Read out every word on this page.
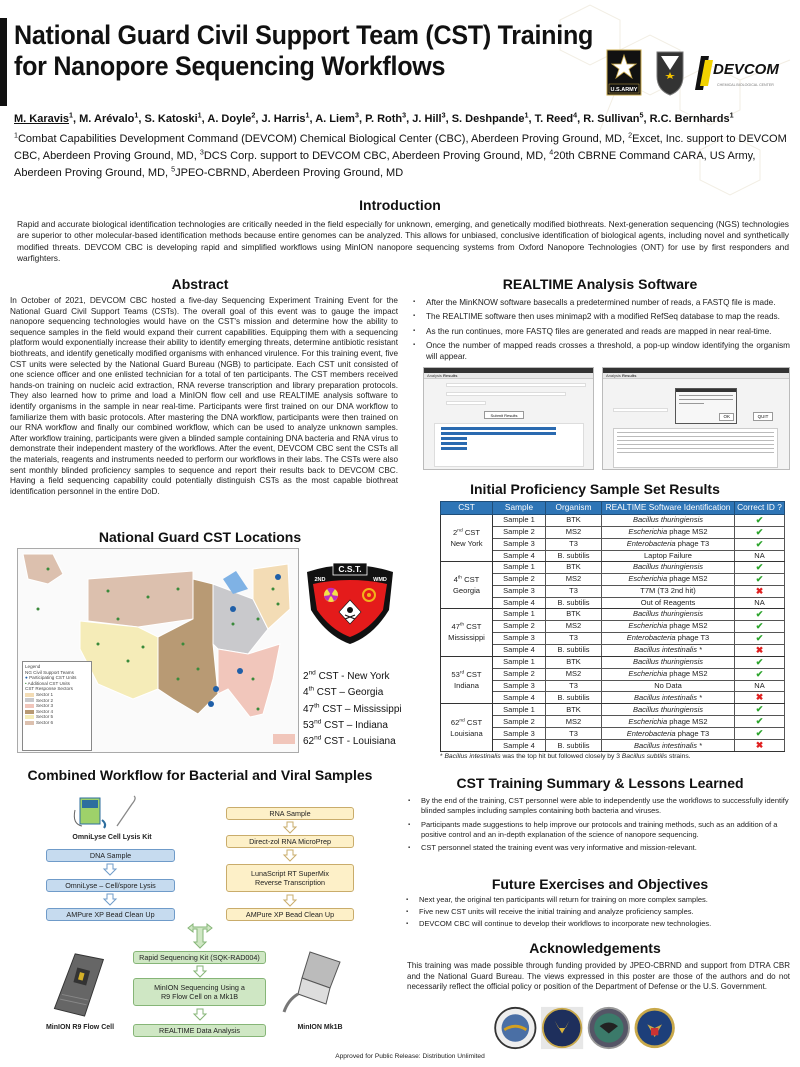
National Guard Civil Support Team (CST) Training
for Nanopore Sequencing Workflows
U.S.ARMY
DEVCOM
CHEMICAL BIOLOGICAL CENTER
M. Karavis$^1$, M. Arévalo$^1$, S. Katoski$^1$, A. Doyle$^2$, J. Harris$^1$, A. Liem$^3$, P. Roth$^3$, J. Hill$^3$, S. Deshpande$^1$, T. Reed$^4$, R. Sullivan$^5$, R.C. Bernhards$^1$
$^1$Combat Capabilities Development Command (DEVCOM) Chemical Biological Center (CBC), Aberdeen Proving Ground, MD, $^2$Excet, Inc. support to DEVCOM CBC, Aberdeen Proving Ground, MD, $^3$DCS Corp. support to DEVCOM CBC, Aberdeen Proving Ground, MD, $^4$20th CBRNE Command CARA, US Army, Aberdeen Proving Ground, MD, $^5$JPEO-CBRND, Aberdeen Proving Ground, MD
Introduction

Rapid and accurate biological identification technologies are critically needed in the field especially for unknown, emerging, and genetically modified biothreats. Next-generation sequencing (NGS) technologies are superior to other molecular-based identification methods because entire genomes can be analyzed. This allows for unbiased, conclusive identification of biological agents, including novel and synthetically modified threats. DEVCOM CBC is developing rapid and simplified workflows using MinION nanopore sequencing systems from Oxford Nanopore Technologies (ONT) for use by first responders and warfighters.

Abstract

In October of 2021, DEVCOM CBC hosted a five-day Sequencing Experiment Training Event for the National Guard Civil Support Teams (CSTs). The overall goal of this event was to gauge the impact nanopore sequencing technologies would have on the CST's mission and determine how the ability to sequence samples in the field would expand their current capabilities. Equipping them with a sequencing platform would exponentially increase their ability to identify emerging threats, determine antibiotic resistant biothreats, and identify genetically modified organisms with enhanced virulence. For this training event, five CST units were selected by the National Guard Bureau (NGB) to participate. Each CST unit consisted of one science officer and one enlisted technician for a total of ten participants. The CST members received hands-on training on nucleic acid extraction, RNA reverse transcription and library preparation protocols. They also learned how to prime and load a MinION flow cell and use REALTIME analysis software to identify organisms in the sample in near real-time. Participants were first trained on our DNA workflow to familiarize them with basic protocols. After mastering the DNA workflow, participants were then trained on our RNA workflow and finally our combined workflow, which can be used to analyze unknown samples. After workflow training, participants were given a blinded sample containing DNA bacteria and RNA virus to demonstrate their independent mastery of the workflows. After the event, DEVCOM CBC sent the CSTs all the materials, reagents and instruments needed to perform our workflows in their labs. The CSTs were also sent monthly blinded proficiency samples to sequence and report their results back to DEVCOM CBC. Having a field sequencing capability could potentially distinguish CSTs as the most capable biothreat identification personnel in the entire DoD.

REALTIME Analysis Software
▪ After the MinKNOW software basecalls a predetermined number of reads, a FASTQ file is made.
▪ The REALTIME software then uses minimap2 with a modified RefSeq database to map the reads.
▪ As the run continues, more FASTQ files are generated and reads are mapped in near real-time.
▪ Once the number of mapped reads crosses a threshold, a pop-up window identifying the organism will appear.
Analysis Results
Submit Results
Analysis Results
QUIT
OK
Initial Proficiency Sample Set Results
CST	Sample	Organism	REALTIME Software Identification	Correct ID ?
2nd CST
New York	Sample 1	BTK	Bacillus thuringiensis	✔
	Sample 2	MS2	Escherichia phage MS2	✔
	Sample 3	T3	Enterobacteria phage T3	✔
	Sample 4	B. subtilis	Laptop Failure	NA
4th CST
Georgia	Sample 1	BTK	Bacillus thuringiensis	✔
	Sample 2	MS2	Escherichia phage MS2	✔
	Sample 3	T3	T7M (T3 2nd hit)	✖
	Sample 4	B. subtilis	Out of Reagents	NA
47th CST
Mississippi	Sample 1	BTK	Bacillus thuringiensis	✔
	Sample 2	MS2	Escherichia phage MS2	✔
	Sample 3	T3	Enterobacteria phage T3	✔
	Sample 4	B. subtilis	Bacillus intestinalis *	✖
53rd CST
Indiana	Sample 1	BTK	Bacillus thuringiensis	✔
	Sample 2	MS2	Escherichia phage MS2	✔
	Sample 3	T3	No Data	NA
	Sample 4	B. subtilis	Bacillus intestinalis *	✖
62nd CST
Louisiana	Sample 1	BTK	Bacillus thuringiensis	✔
	Sample 2	MS2	Escherichia phage MS2	✔
	Sample 3	T3	Enterobacteria phage T3	✔
	Sample 4	B. subtilis	Bacillus intestinalis *	✖
* Bacillus intestinalis was the top hit but followed closely by 3 Bacillus subtilis strains.
National Guard CST Locations
Legend
NG Civil Support Teams
● Participating CST Units
• Additional CST Units
CST Response Sectors
Sector 1
Sector 2
Sector 3
Sector 4
Sector 5
Sector 6
C.S.T.
2ND	WMD
2nd CST - New York
4th CST – Georgia
47th CST – Mississippi
53nd CST – Indiana
62nd CST - Louisiana
Combined Workflow for Bacterial and Viral Samples
OmniLyse Cell Lysis Kit
DNA Sample
OmniLyse – Cell/spore Lysis
AMPure XP Bead Clean Up
RNA Sample
Direct-zol RNA MicroPrep
LunaScript RT SuperMix
Reverse Transcription
AMPure XP Bead Clean Up
Rapid Sequencing Kit (SQK-RAD004)
MinION Sequencing Using a
R9 Flow Cell on a Mk1B
REALTIME Data Analysis
MinION R9 Flow Cell	MinION Mk1B
CST Training Summary & Lessons Learned
▪ By the end of the training, CST personnel were able to independently use the workflows to successfully identify blinded samples including samples containing both bacteria and viruses.
▪ Participants made suggestions to help improve our protocols and training methods, such as an addition of a positive control and an in-depth explanation of the science of nanopore sequencing.
▪ CST personnel stated the training event was very informative and mission-relevant.
Future Exercises and Objectives
▪ Next year, the original ten participants will return for training on more complex samples.
▪ Five new CST units will receive the initial training and analyze proficiency samples.
▪ DEVCOM CBC will continue to develop their workflows to incorporate new technologies.
Acknowledgements

This training was made possible through funding provided by JPEO-CBRND and support from DTRA CBR and the National Guard Bureau. The views expressed in this poster are those of the authors and do not necessarily reflect the official policy or position of the Department of Defense or the U.S. Government.

Approved for Public Release: Distribution Unlimited
